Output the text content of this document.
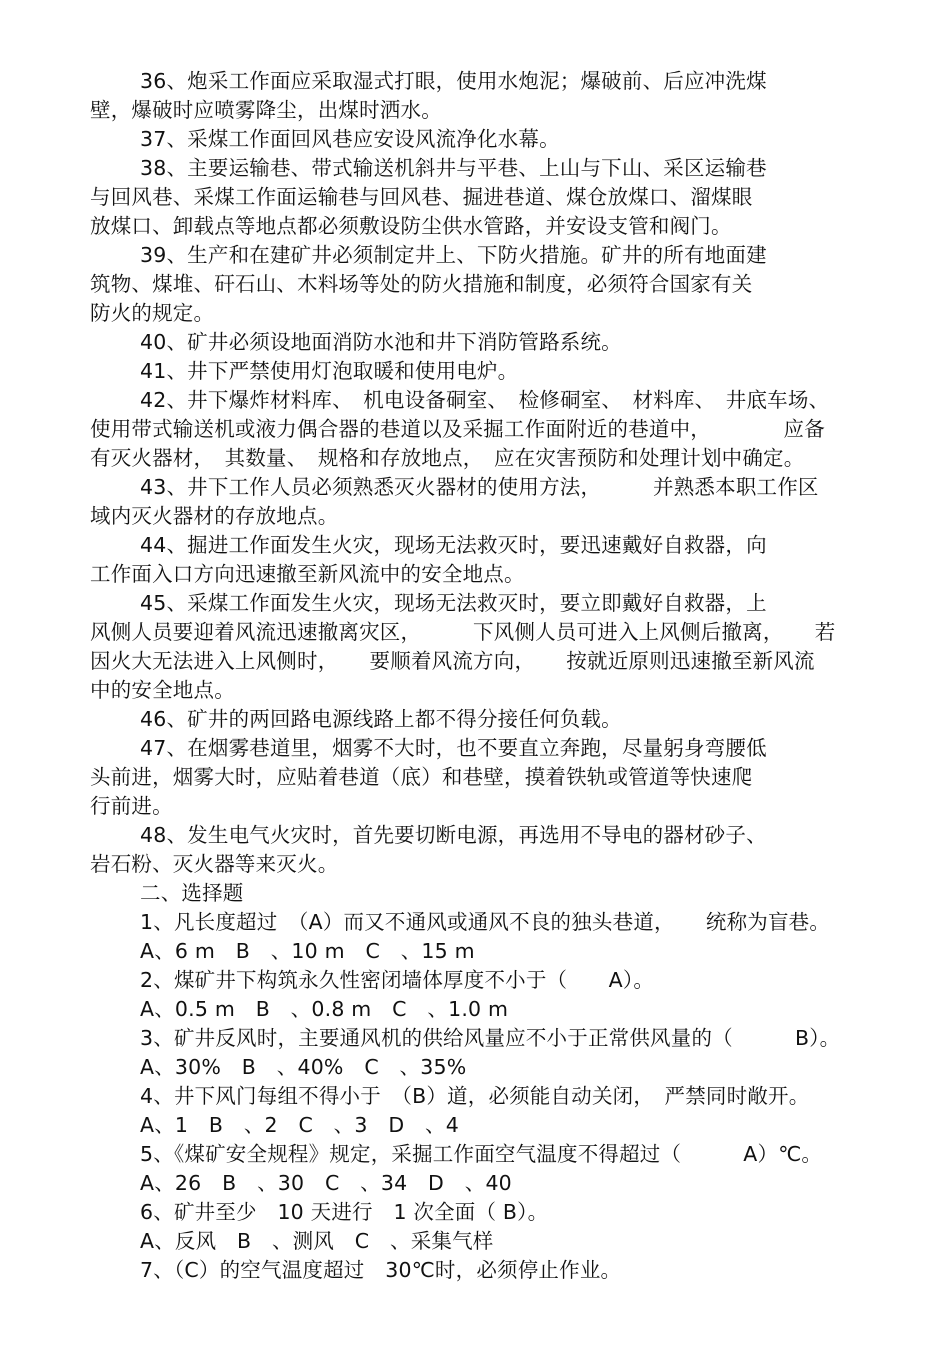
36、炮采工作面应采取湿式打眼，使用水炮泥；爆破前、后应冲洗煤
壁，爆破时应喷雾降尘，出煤时洒水。
37、采煤工作面回风巷应安设风流净化水幕。
38、主要运输巷、带式输送机斜井与平巷、上山与下山、采区运输巷
与回风巷、采煤工作面运输巷与回风巷、掘进巷道、煤仓放煤口、溜煤眼
放煤口、卸载点等地点都必须敷设防尘供水管路，并安设支管和阀门。
39、生产和在建矿井必须制定井上、下防火措施。矿井的所有地面建
筑物、煤堆、矸石山、木料场等处的防火措施和制度，必须符合国家有关
防火的规定。
40、矿井必须设地面消防水池和井下消防管路系统。
41、井下严禁使用灯泡取暖和使用电炉。
42、井下爆炸材料库、　机电设备硐室、　检修硐室、　材料库、　井底车场、
使用带式输送机或液力偶合器的巷道以及采掘工作面附近的巷道中，　　　　应备
有灭火器材，　其数量、　规格和存放地点，　应在灾害预防和处理计划中确定。
43、井下工作人员必须熟悉灭火器材的使用方法，　　　并熟悉本职工作区
域内灭火器材的存放地点。
44、掘进工作面发生火灾，现场无法救灭时，要迅速戴好自救器，向
工作面入口方向迅速撤至新风流中的安全地点。
45、采煤工作面发生火灾，现场无法救灭时，要立即戴好自救器，上
风侧人员要迎着风流迅速撤离灾区，　　　下风侧人员可进入上风侧后撤离，　　若
因火大无法进入上风侧时，　　要顺着风流方向，　　按就近原则迅速撤至新风流
中的安全地点。
46、矿井的两回路电源线路上都不得分接任何负载。
47、在烟雾巷道里，烟雾不大时，也不要直立奔跑，尽量躬身弯腰低
头前进，烟雾大时，应贴着巷道（底）和巷壁，摸着铁轨或管道等快速爬
行前进。
48、发生电气火灾时，首先要切断电源，再选用不导电的器材砂子、
岩石粉、灭火器等来灭火。
二、选择题
1、凡长度超过　（A）而又不通风或通风不良的独头巷道，　　统称为盲巷。
A、6 m　B　、10 m　C　、15 m
2、煤矿井下构筑永久性密闭墙体厚度不小于（　　A）。
A、0.5 m　B　、0.8 m　C　、1.0 m
3、矿井反风时，主要通风机的供给风量应不小于正常供风量的（　　　B）。
A、30%　B　、40%　C　、35%
4、井下风门每组不得小于　（B）道，必须能自动关闭，　严禁同时敞开。
A、1　B　、2　C　、3　D　、4
5、《煤矿安全规程》规定，采掘工作面空气温度不得超过（　　　A）℃。
A、26　B　、30　C　、34　D　、40
6、矿井至少　10 天进行　1 次全面（ B）。
A、反风　B　、测风　C　、采集气样
7、（C）的空气温度超过　30℃时，必须停止作业。
